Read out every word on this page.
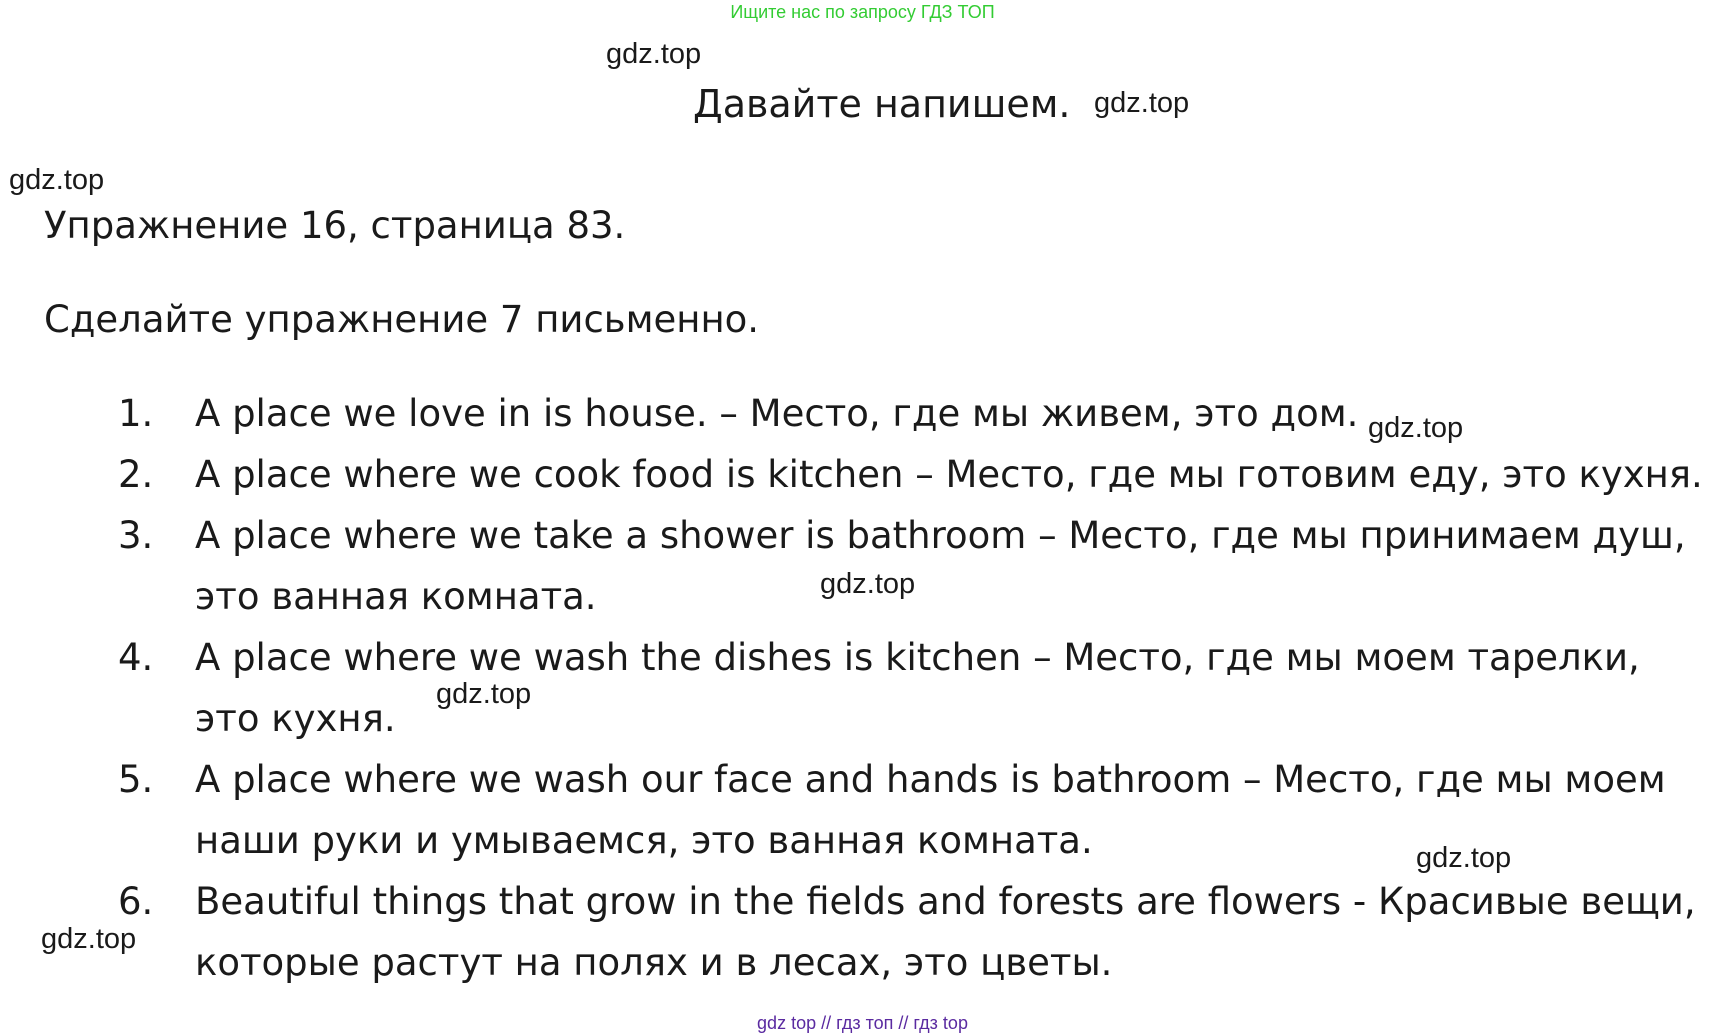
Ищите нас по запросу ГДЗ ТОП
gdz.top
Давайте напишем. gdz.top
gdz.top
Упражнение 16, страница 83.
Сделайте упражнение 7 письменно.
1. A place we love in is house. – Место, где мы живем, это дом.
2. A place where we cook food is kitchen – Место, где мы готовим еду, это кухня.
3. A place where we take a shower is bathroom – Место, где мы принимаем душ, это ванная комната.
4. A place where we wash the dishes is kitchen – Место, где мы моем тарелки, это кухня.
5. A place where we wash our face and hands is bathroom – Место, где мы моем наши руки и умываемся, это ванная комната.
6. Beautiful things that grow in the fields and forests are flowers - Красивые вещи, которые растут на полях и в лесах, это цветы.
gdz.top
gdz.top
gdz.top
gdz.top
gdz.top
gdz top // гдз топ // гдз top
